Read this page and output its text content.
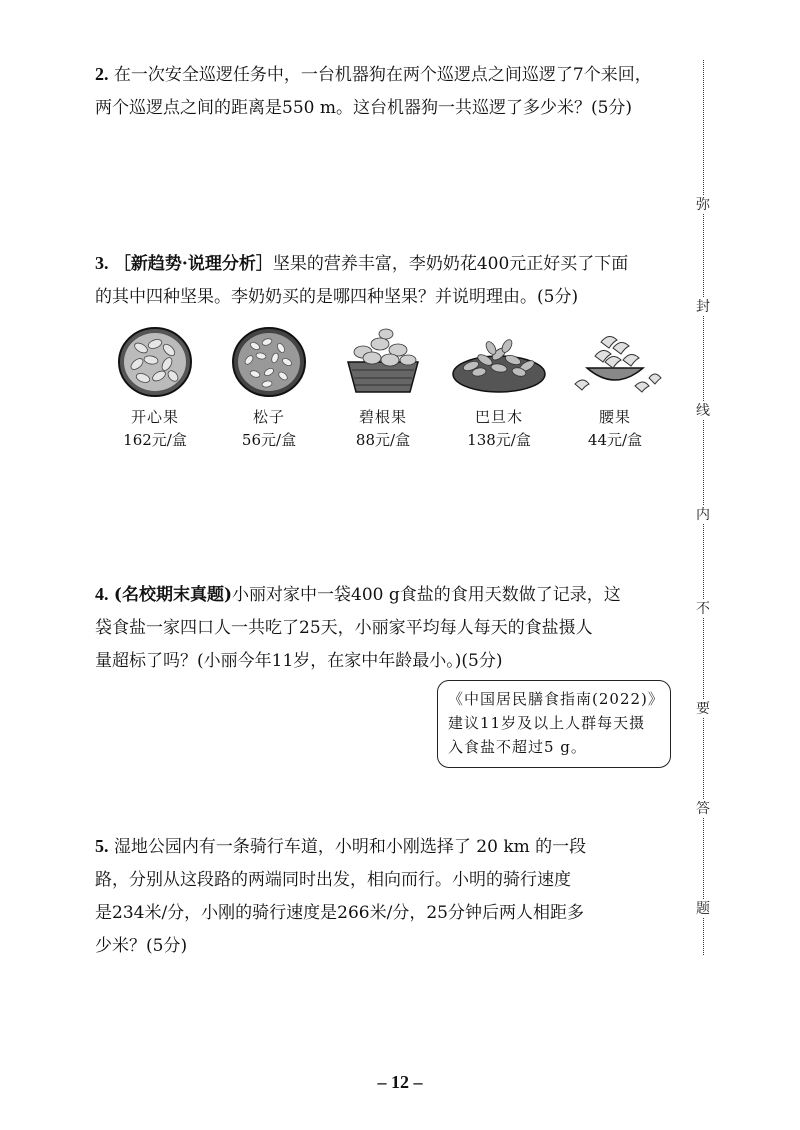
2. 在一次安全巡逻任务中，一台机器狗在两个巡逻点之间巡逻了7个来回，
两个巡逻点之间的距离是550 m。这台机器狗一共巡逻了多少米？(5分)
3. ［新趋势·说理分析］坚果的营养丰富，李奶奶花400元正好买了下面
的其中四种坚果。李奶奶买的是哪四种坚果？并说明理由。(5分)
开心果
162元/盒
松子
56元/盒
碧根果
88元/盒
巴旦木
138元/盒
腰果
44元/盒
4. (名校期末真题)小丽对家中一袋400 g食盐的食用天数做了记录，这
袋食盐一家四口人一共吃了25天，小丽家平均每人每天的食盐摄人
量超标了吗？(小丽今年11岁，在家中年龄最小。)(5分)
《中国居民膳食指南(2022)》
建议11岁及以上人群每天摄
入食盐不超过5 g。
5. 湿地公园内有一条骑行车道，小明和小刚选择了 20 km 的一段
路，分别从这段路的两端同时出发，相向而行。小明的骑行速度
是234米/分，小刚的骑行速度是266米/分，25分钟后两人相距多
少米？(5分)
弥
封
线
内
不
要
答
题
– 12 –
